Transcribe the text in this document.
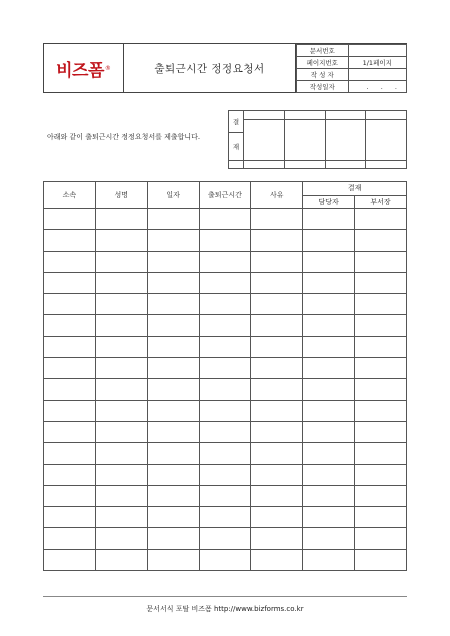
비즈폼 ®	출퇴근시간 정정요청서
문서번호	
페이지번호	1/1페이지
작 성 자	
작성일자	. . .
결				

재				

아래와 같이 출퇴근시간 정정요청서를 제출합니다.
소속	성명	일자	출퇴근시간	사유	결재	
					담당자	부서장

문서서식 포탈 비즈폼 http://www.bizforms.co.kr
